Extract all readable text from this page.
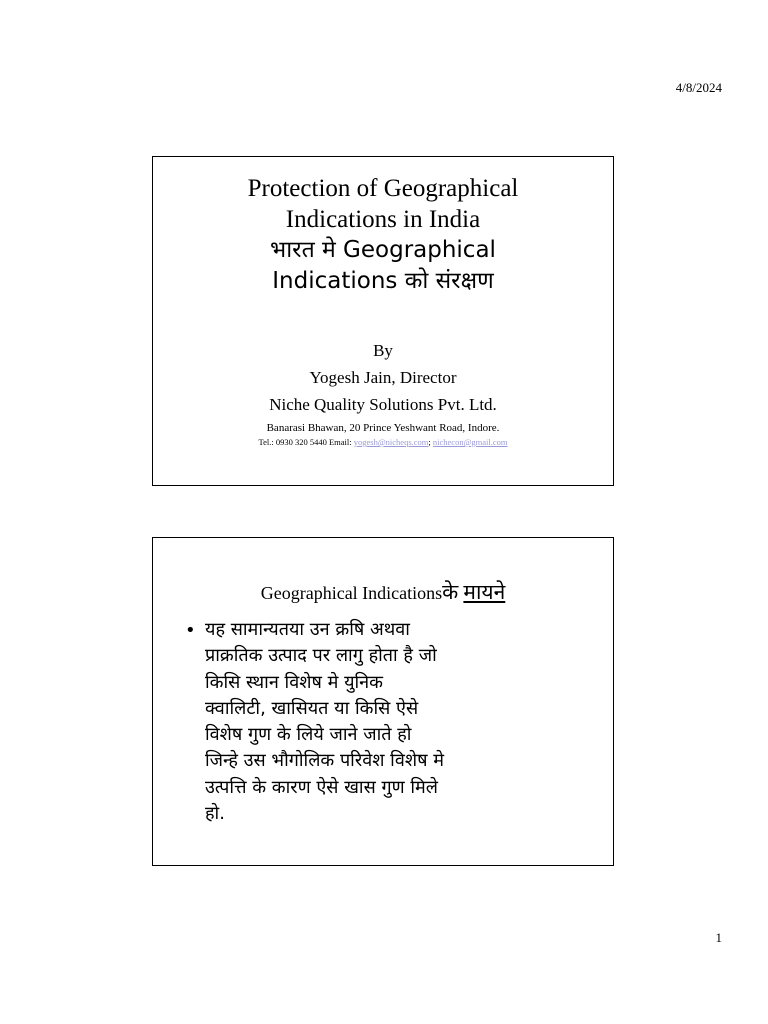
4/8/2024
Protection of Geographical
Indications in India
भारत मे Geographical
Indications को संरक्षण
By
Yogesh Jain, Director
Niche Quality Solutions Pvt. Ltd.
Banarasi Bhawan, 20 Prince Yeshwant Road, Indore.
Tel.: 0930 320 5440 Email: yogesh@nicheqs.com; nichecon@gmail.com
Geographical Indicationsके मायने
• यह सामान्यतया उन क्रषि अथवा
प्राक्रतिक उत्पाद पर लागु होता है जो
किसि स्थान विशेष मे युनिक
क्वालिटी, खासियत या किसि ऐसे
विशेष गुण के लिये जाने जाते हो
जिन्हे उस भौगोलिक परिवेश विशेष मे
उत्पत्ति के कारण ऐसे खास गुण मिले
हो.
1
